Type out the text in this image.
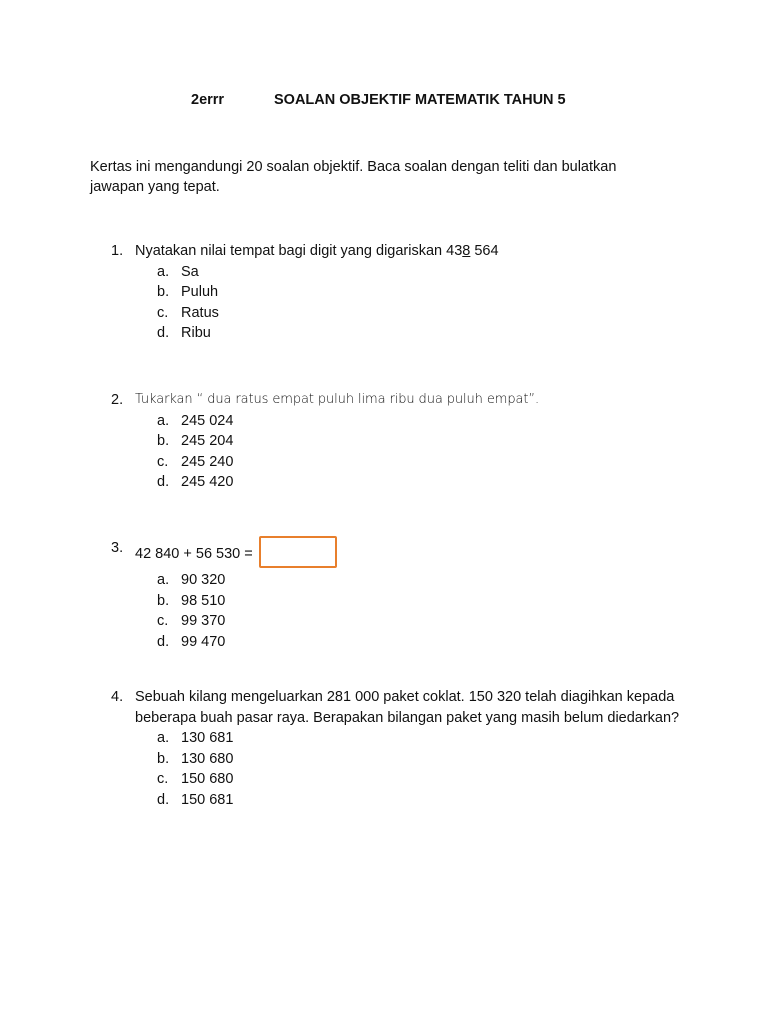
2errr	SOALAN OBJEKTIF MATEMATIK TAHUN 5
Kertas ini mengandungi 20 soalan objektif. Baca soalan dengan teliti dan bulatkan jawapan yang tepat.
1. Nyatakan nilai tempat bagi digit yang digariskan 438 564
a. Sa
b. Puluh
c. Ratus
d. Ribu
2. Tukarkan “ dua ratus empat puluh lima ribu dua puluh empat”.
a. 245 024
b. 245 204
c. 245 240
d. 245 420
3. 42 840 + 56 530 =
a. 90 320
b. 98 510
c. 99 370
d. 99 470
4. Sebuah kilang mengeluarkan 281 000 paket coklat. 150 320 telah diagihkan kepada beberapa buah pasar raya. Berapakan bilangan paket yang masih belum diedarkan?
a. 130 681
b. 130 680
c. 150 680
d. 150 681
